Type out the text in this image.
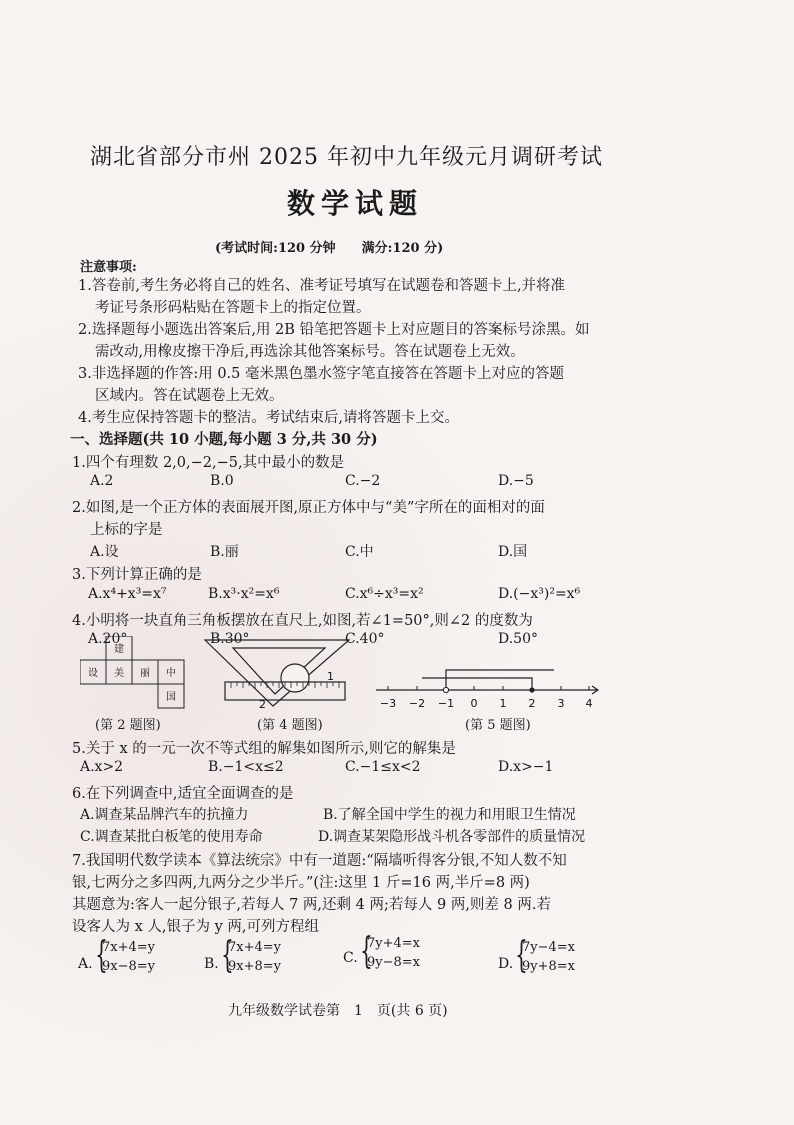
湖北省部分市州 2025 年初中九年级元月调研考试
数学试题
(考试时间:120 分钟　　满分:120 分)
注意事项:
1.答卷前,考生务必将自己的姓名、准考证号填写在试题卷和答题卡上,并将准
考证号条形码粘贴在答题卡上的指定位置。
2.选择题每小题选出答案后,用 2B 铅笔把答题卡上对应题目的答案标号涂黑。如
需改动,用橡皮擦干净后,再选涂其他答案标号。答在试题卷上无效。
3.非选择题的作答:用 0.5 毫米黑色墨水签字笔直接答在答题卡上对应的答题
区域内。答在试题卷上无效。
4.考生应保持答题卡的整洁。考试结束后,请将答题卡上交。
一、选择题(共 10 小题,每小题 3 分,共 30 分)
1.四个有理数 2,0,−2,−5,其中最小的数是
A.2	B.0	C.−2	D.−5
2.如图,是一个正方体的表面展开图,原正方体中与“美”字所在的面相对的面
上标的字是
A.设	B.丽	C.中	D.国
3.下列计算正确的是
A.x⁴+x³=x⁷	B.x³·x²=x⁶	C.x⁶÷x³=x²	D.(−x³)²=x⁶
4.小明将一块直角三角板摆放在直尺上,如图,若∠1=50°,则∠2 的度数为
A.20°	B.30°	C.40°	D.50°
建
设 美 丽 中
国
(第 2 题图)
1
2
(第 4 题图)
−3 −2 −1 0 1 2 3 4
(第 5 题图)
5.关于 x 的一元一次不等式组的解集如图所示,则它的解集是
A.x>2	B.−1<x≤2	C.−1≤x<2	D.x>−1
6.在下列调查中,适宜全面调查的是
A.调查某品牌汽车的抗撞力	B.了解全国中学生的视力和用眼卫生情况
C.调查某批白板笔的使用寿命	D.调查某架隐形战斗机各零部件的质量情况
7.我国明代数学读本《算法统宗》中有一道题:“隔墙听得客分银,不知人数不知
银,七两分之多四两,九两分之少半斤。”(注:这里 1 斤=16 两,半斤=8 两)
其题意为:客人一起分银子,若每人 7 两,还剩 4 两;若每人 9 两,则差 8 两.若
设客人为 x 人,银子为 y 两,可列方程组
A. {
7x+4=y
9x−8=y	B. {
7x+4=y
9x+8=y
C. {
7y+4=x
9y−8=x	D. {
7y−4=x
9y+8=x
九年级数学试卷第　1　页(共 6 页)
